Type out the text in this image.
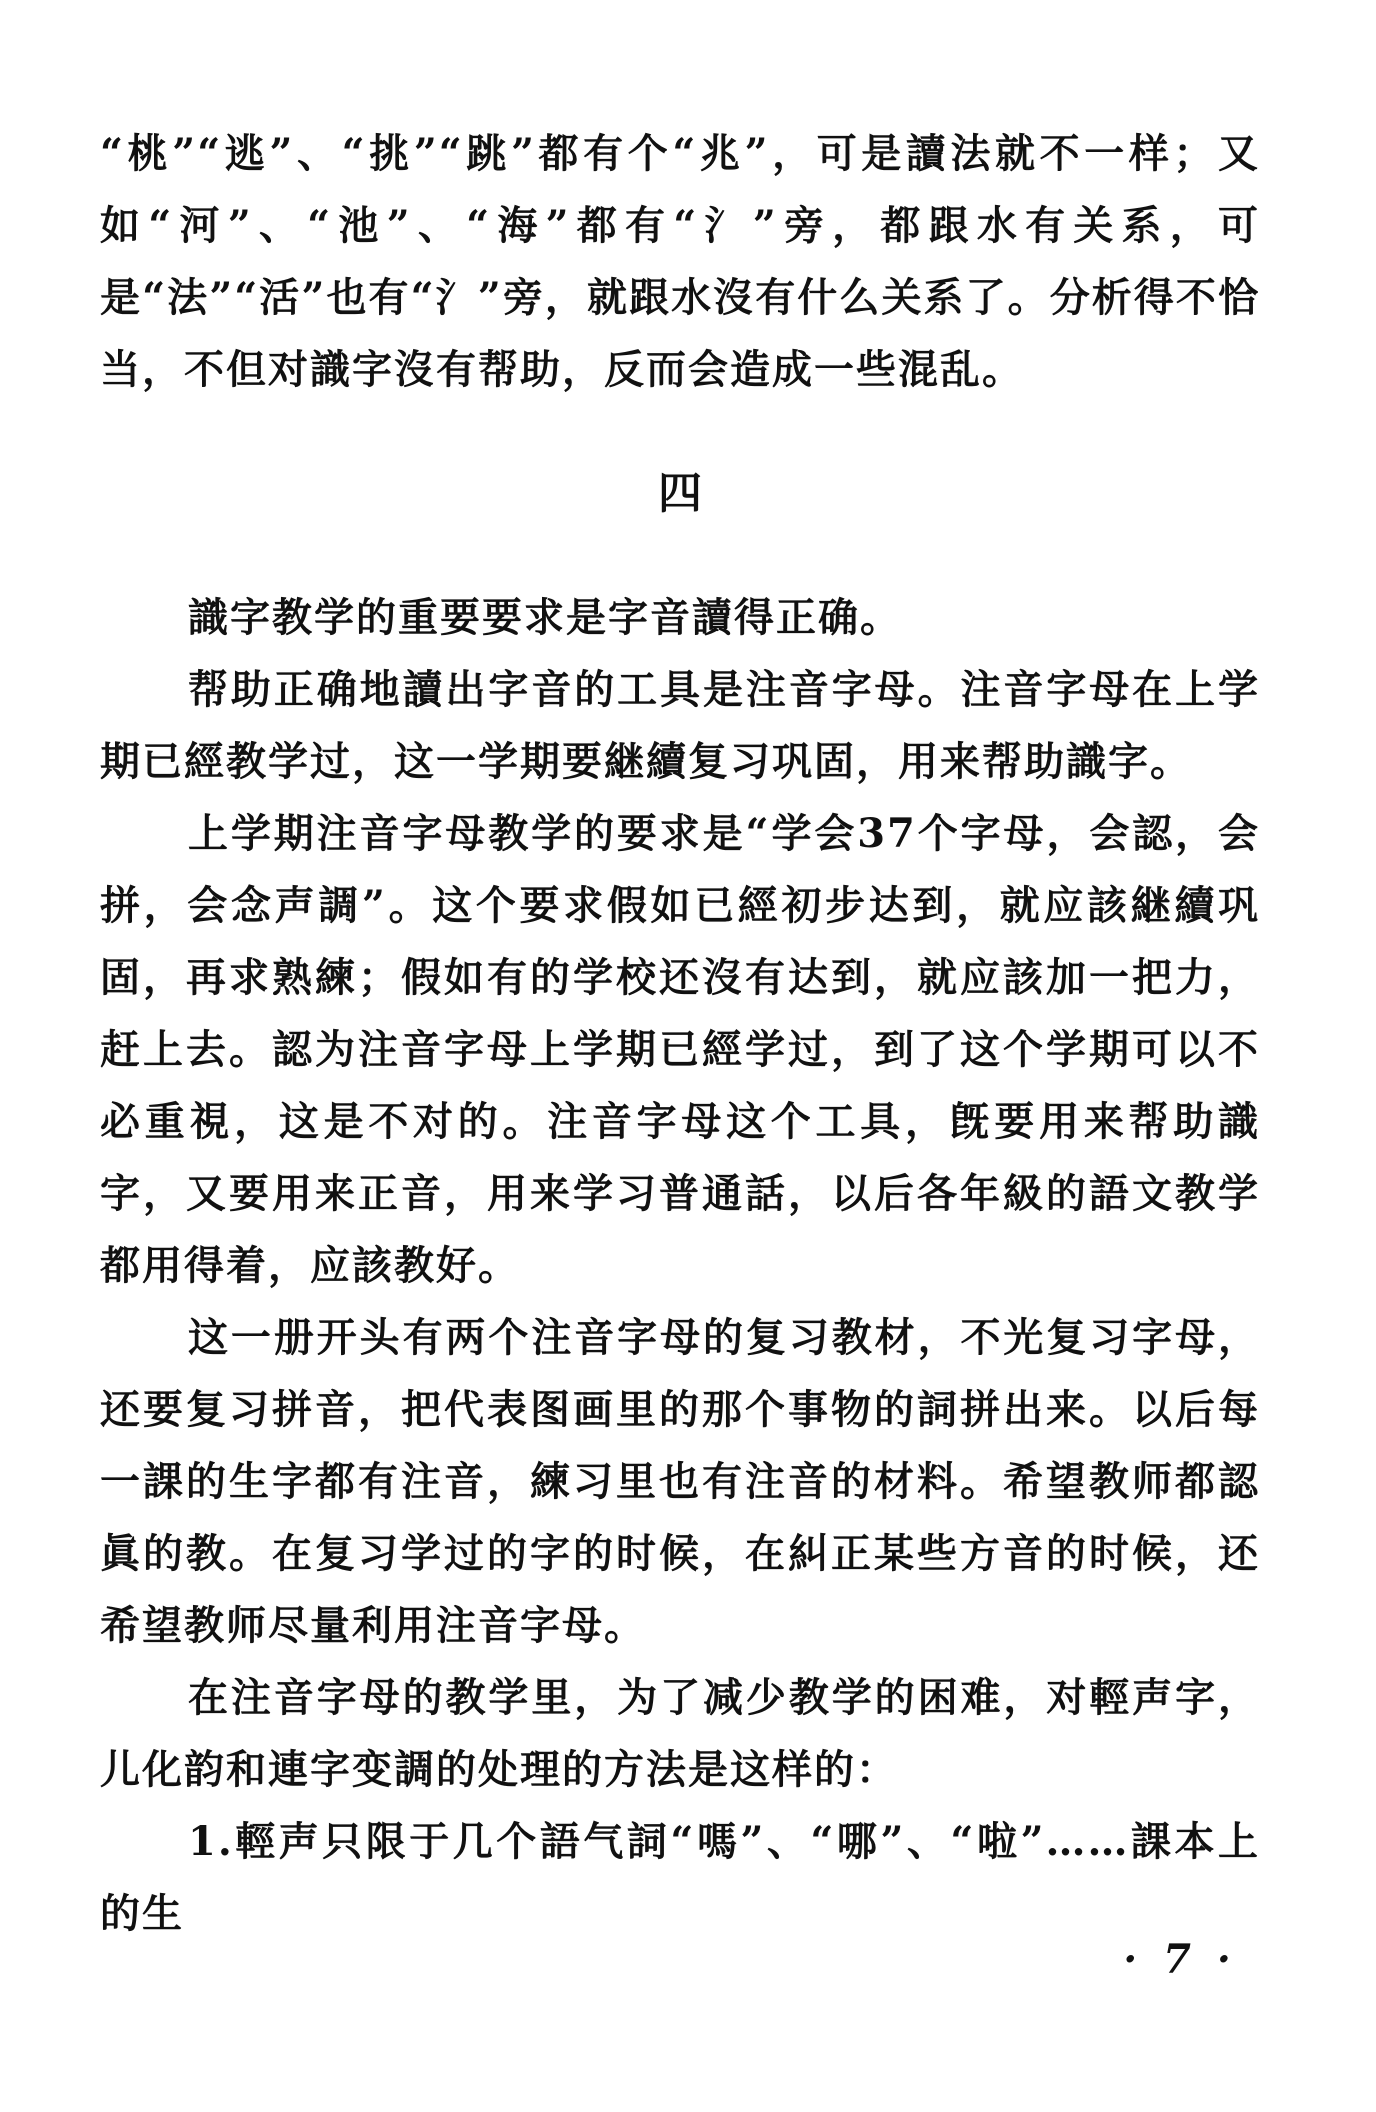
“桃”“逃”、“挑”“跳”都有个“兆”，可是讀法就不一样；又如“河”、“池”、“海”都有“氵”旁，都跟水有关系，可是“法”“活”也有“氵”旁，就跟水沒有什么关系了。分析得不恰当，不但对識字沒有帮助，反而会造成一些混乱。

四

識字教学的重要要求是字音讀得正确。

帮助正确地讀出字音的工具是注音字母。注音字母在上学期已經教学过，这一学期要継續复习巩固，用来帮助識字。

上学期注音字母教学的要求是“学会37个字母，会認，会拼，会念声調”。这个要求假如已經初步达到，就应該継續巩固，再求熟練；假如有的学校还沒有达到，就应該加一把力，赶上去。認为注音字母上学期已經学过，到了这个学期可以不必重視，这是不对的。注音字母这个工具，旣要用来帮助識字，又要用来正音，用来学习普通話，以后各年級的語文教学都用得着，应該教好。

这一册开头有两个注音字母的复习教材，不光复习字母，还要复习拼音，把代表图画里的那个事物的詞拼出来。以后每一課的生字都有注音，練习里也有注音的材料。希望教师都認眞的教。在复习学过的字的时候，在糾正某些方音的时候，还希望教师尽量利用注音字母。

在注音字母的教学里，为了减少教学的困难，对輕声字，儿化韵和連字变調的处理的方法是这样的：

1.輕声只限于几个語气詞“嗎”、“哪”、“啦”……課本上的生

· 7 ·
